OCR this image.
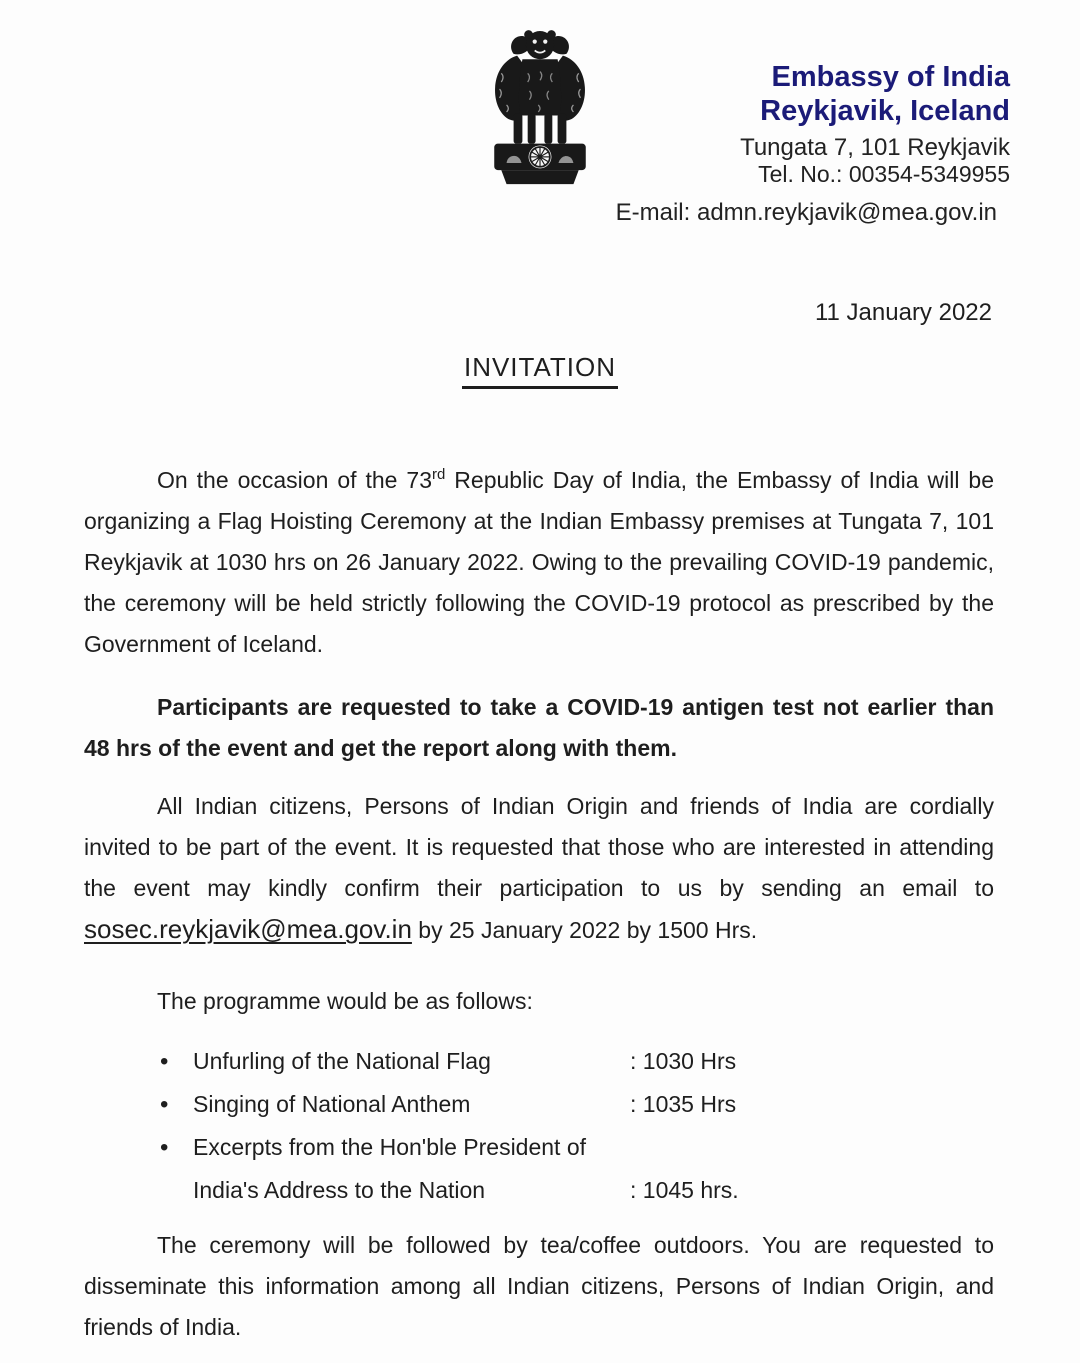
Embassy of India
Reykjavik, Iceland
Tungata 7, 101 Reykjavik
Tel. No.: 00354-5349955
E-mail: admn.reykjavik@mea.gov.in
11 January 2022
INVITATION

On the occasion of the 73rd Republic Day of India, the Embassy of India will be organizing a Flag Hoisting Ceremony at the Indian Embassy premises at Tungata 7, 101 Reykjavik at 1030 hrs on 26 January 2022. Owing to the prevailing COVID-19 pandemic, the ceremony will be held strictly following the COVID-19 protocol as prescribed by the Government of Iceland.

Participants are requested to take a COVID-19 antigen test not earlier than 48 hrs of the event and get the report along with them.

All Indian citizens, Persons of Indian Origin and friends of India are cordially invited to be part of the event. It is requested that those who are interested in attending the event may kindly confirm their participation to us by sending an email to sosec.reykjavik@mea.gov.in by 25 January 2022 by 1500 Hrs.

The programme would be as follows:

•	Unfurling of the National Flag	: 1030 Hrs
•	Singing of National Anthem	: 1035 Hrs
•	Excerpts from the Hon'ble President of
India's Address to the Nation	: 1045 hrs.

The ceremony will be followed by tea/coffee outdoors. You are requested to disseminate this information among all Indian citizens, Persons of Indian Origin, and friends of India.
